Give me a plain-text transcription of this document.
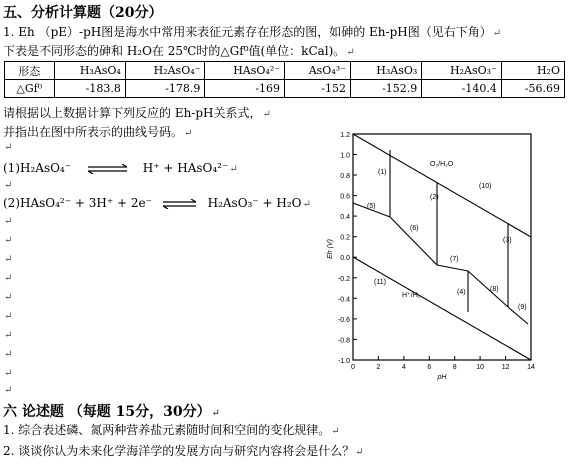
五、分析计算题（20分）
1. Eh （pE）-pH图是海水中常用来表征元素存在形态的图，如砷的 Eh-pH图（见右下角）↵
下表是不同形态的砷和 H₂O在 25℃时的△Gf⁰值(单位：kCal)。↵
形态	H₃AsO₄	H₂AsO₄⁻	HAsO₄²⁻	AsO₄³⁻	H₃AsO₃	H₂AsO₃⁻	H₂O
△Gf⁰	-183.8	-178.9	-169	-152	-152.9	-140.4	-56.69
请根据以上数据计算下列反应的 Eh-pH关系式，↵
并指出在图中所表示的曲线号码。↵
↵
(1)H₂AsO₄⁻ ⇌ H⁺ + HAsO₄²⁻↵
↵
(2)HAsO₄²⁻ + 3H⁺ + 2e⁻ ⇌ H₂AsO₃⁻ + H₂O↵
↵
↵
↵
↵
↵
↵
↵
↵
↵
↵
1.2
1.0
0.8
0.6
0.4
0.2
0.0
-0.2
-0.4
-0.6
-0.8
-1.0
0	2	4	6	8	10	12	14
Eh (V)
pH
(1)
(2)
(3)
(4)
(5)
(6)
(7)
(8)
(9)
(10)
(11)
O₂/H₂O
H⁺/H₂
六 论述题 （每题 15分，30分）↵
1. 综合表述磷、氮两种营养盐元素随时间和空间的变化规律。↵
2. 谈谈你认为未来化学海洋学的发展方向与研究内容将会是什么？↵
